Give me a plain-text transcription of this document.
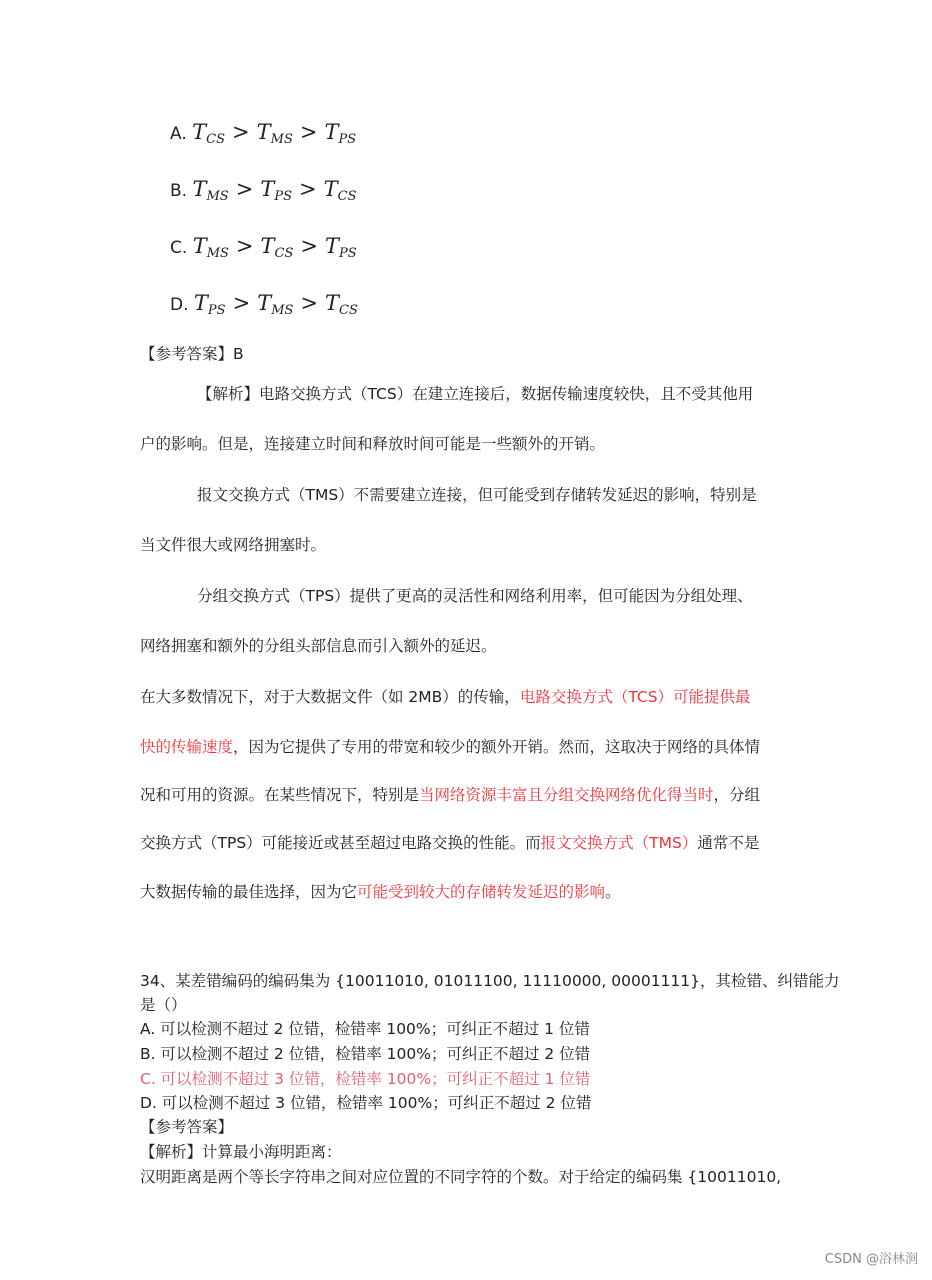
A. $T_{CS} > T_{MS} > T_{PS}$
B. $T_{MS} > T_{PS} > T_{CS}$
C. $T_{MS} > T_{CS} > T_{PS}$
D. $T_{PS} > T_{MS} > T_{CS}$
【参考答案】B
【解析】电路交换方式（TCS）在建立连接后，数据传输速度较快，且不受其他用
户的影响。但是，连接建立时间和释放时间可能是一些额外的开销。
报文交换方式（TMS）不需要建立连接，但可能受到存储转发延迟的影响，特别是
当文件很大或网络拥塞时。
分组交换方式（TPS）提供了更高的灵活性和网络利用率，但可能因为分组处理、
网络拥塞和额外的分组头部信息而引入额外的延迟。
在大多数情况下，对于大数据文件（如 2MB）的传输，电路交换方式（TCS）可能提供最
快的传输速度，因为它提供了专用的带宽和较少的额外开销。然而，这取决于网络的具体情
况和可用的资源。在某些情况下，特别是当网络资源丰富且分组交换网络优化得当时，分组
交换方式（TPS）可能接近或甚至超过电路交换的性能。而报文交换方式（TMS）通常不是
大数据传输的最佳选择，因为它可能受到较大的存储转发延迟的影响。
34、某差错编码的编码集为 {10011010, 01011100, 11110000, 00001111}，其检错、纠错能力
是（）
A. 可以检测不超过 2 位错，检错率 100%；可纠正不超过 1 位错
B. 可以检测不超过 2 位错，检错率 100%；可纠正不超过 2 位错
C. 可以检测不超过 3 位错，检错率 100%；可纠正不超过 1 位错
D. 可以检测不超过 3 位错，检错率 100%；可纠正不超过 2 位错
【参考答案】
【解析】计算最小海明距离：
汉明距离是两个等长字符串之间对应位置的不同字符的个数。对于给定的编码集 {10011010,
CSDN @浴林涧
